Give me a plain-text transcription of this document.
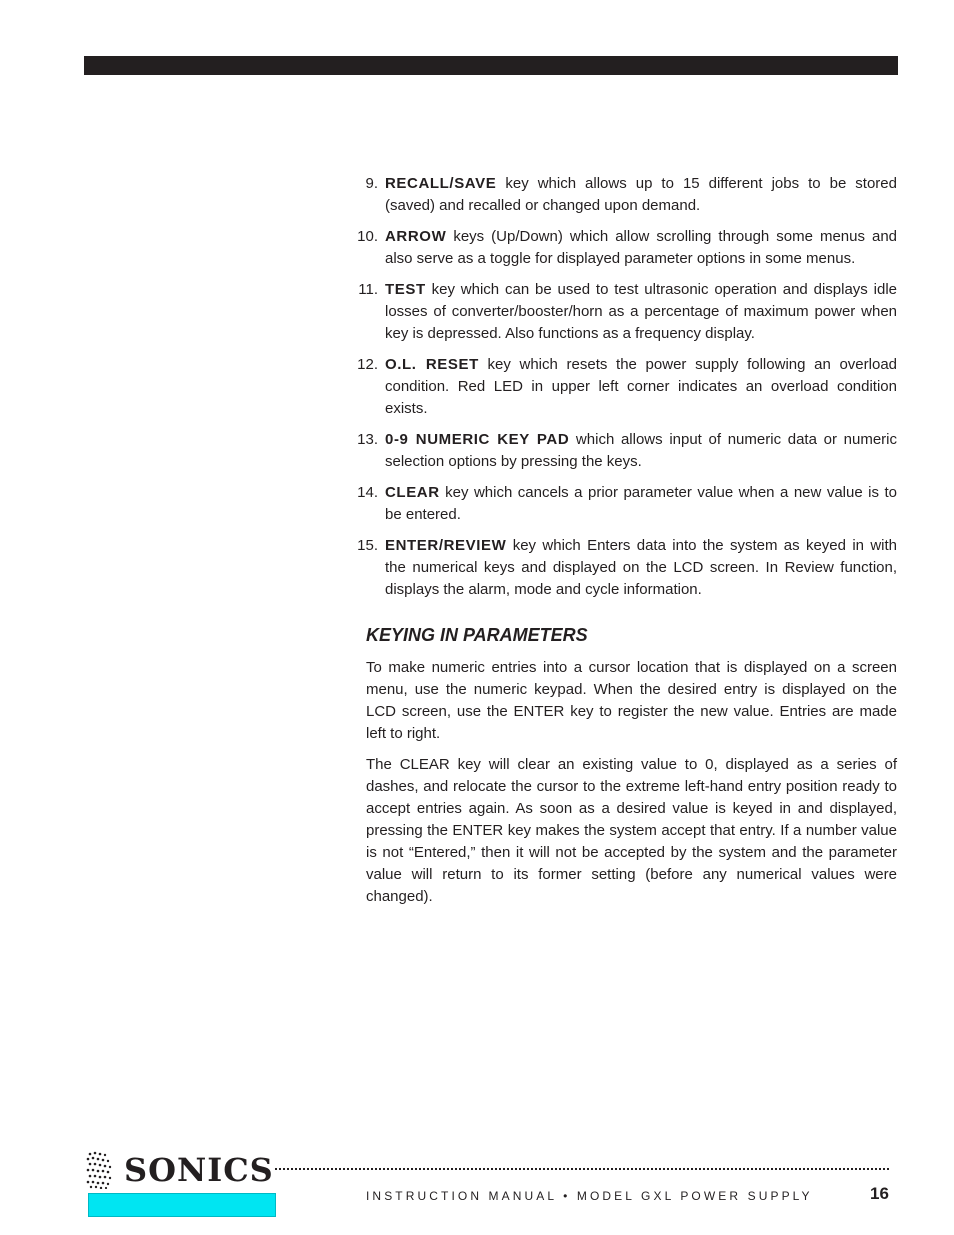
9. RECALL/SAVE key which allows up to 15 different jobs to be stored (saved) and recalled or changed upon demand.
10. ARROW keys (Up/Down) which allow scrolling through some menus and also serve as a toggle for displayed parameter options in some menus.
11. TEST key which can be used to test ultrasonic operation and displays idle losses of converter/booster/horn as a percentage of maximum power when key is depressed. Also functions as a frequency display.
12. O.L. RESET key which resets the power supply following an overload condition. Red LED in upper left corner indicates an overload condition exists.
13. 0-9 NUMERIC KEY PAD which allows input of numeric data or numeric selection options by pressing the keys.
14. CLEAR key which cancels a prior parameter value when a new value is to be entered.
15. ENTER/REVIEW key which Enters data into the system as keyed in with the numerical keys and displayed on the LCD screen. In Review function, displays the alarm, mode and cycle information.
KEYING IN PARAMETERS

To make numeric entries into a cursor location that is displayed on a screen menu, use the numeric keypad. When the desired entry is displayed on the LCD screen, use the ENTER key to register the new value. Entries are made left to right.

The CLEAR key will clear an existing value to 0, displayed as a series of dashes, and relocate the cursor to the extreme left-hand entry position ready to accept entries again. As soon as a desired value is keyed in and displayed, pressing the ENTER key makes the system accept that entry. If a number value is not “Entered,” then it will not be accepted by the system and the parameter value will return to its former setting (before any numerical values were changed).

SONICS
INSTRUCTION MANUAL • MODEL GXL POWER SUPPLY	16
